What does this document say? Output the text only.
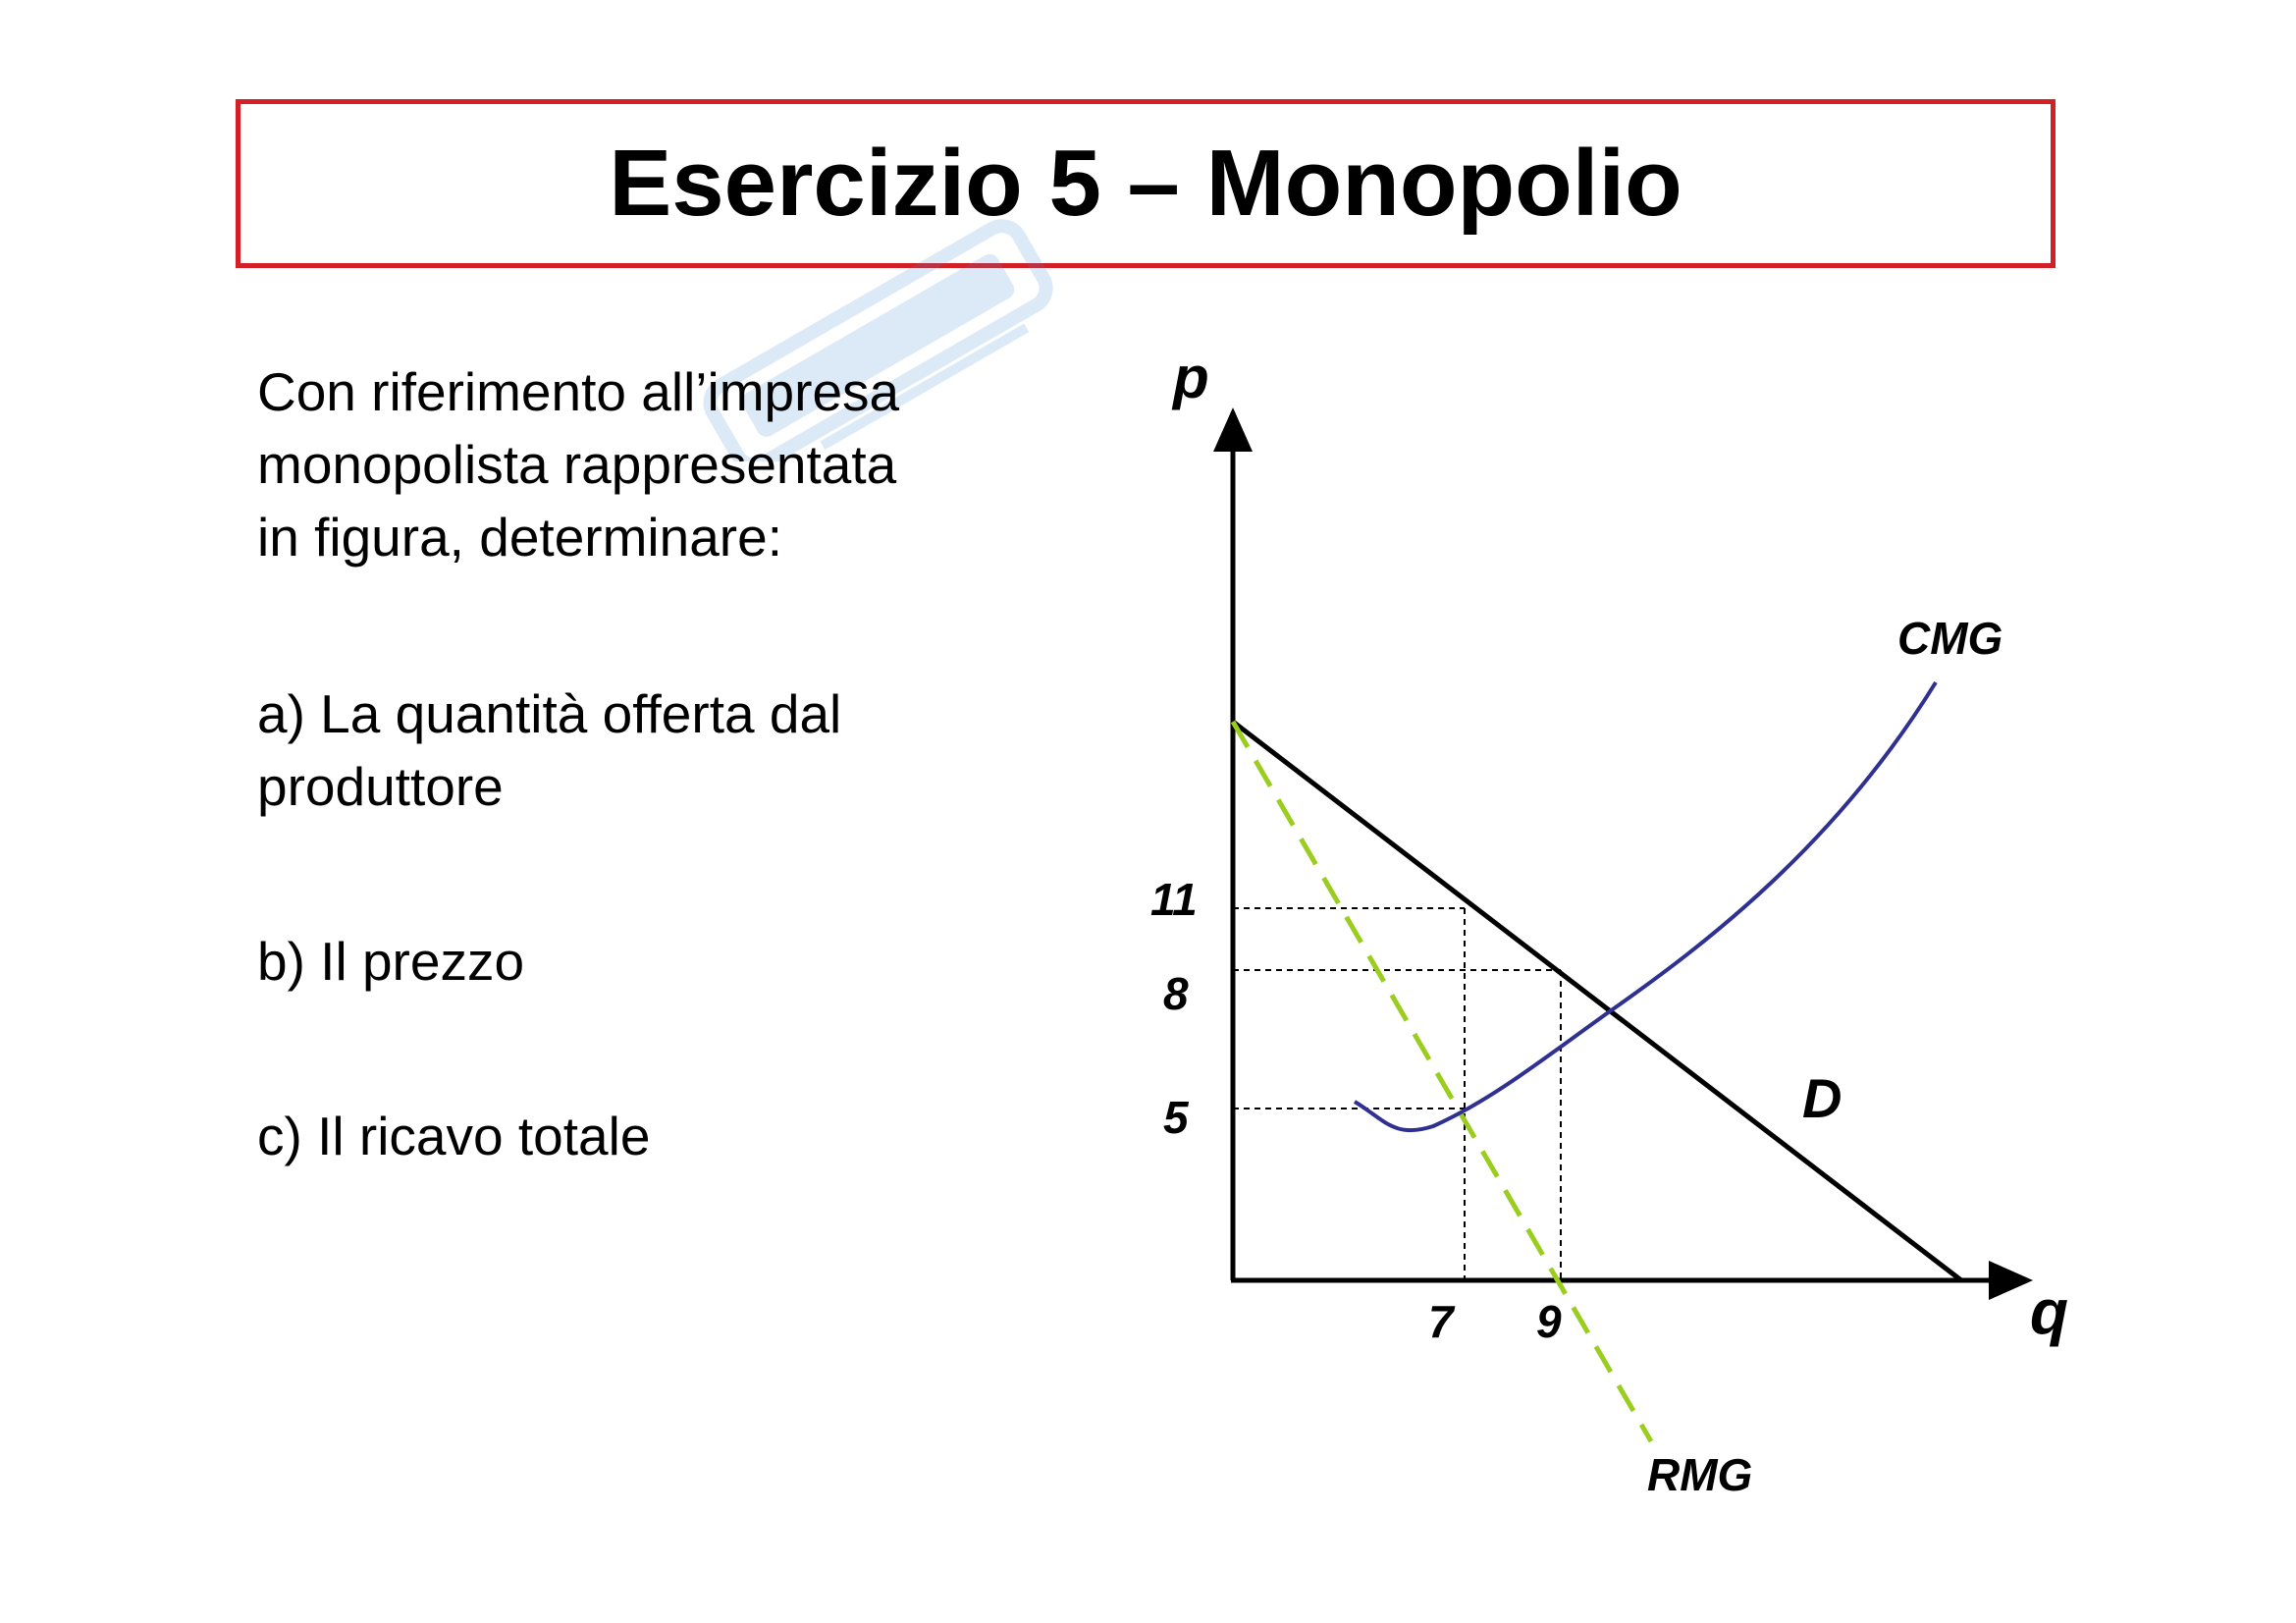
Esercizio 5 – Monopolio

Con riferimento all’impresa
monopolista rappresentata
in figura, determinare:

a) La quantità offerta dal
produttore

b) Il prezzo

c) Il ricavo totale

p
q
11
8
5
7 9
CMG
D
RMG
